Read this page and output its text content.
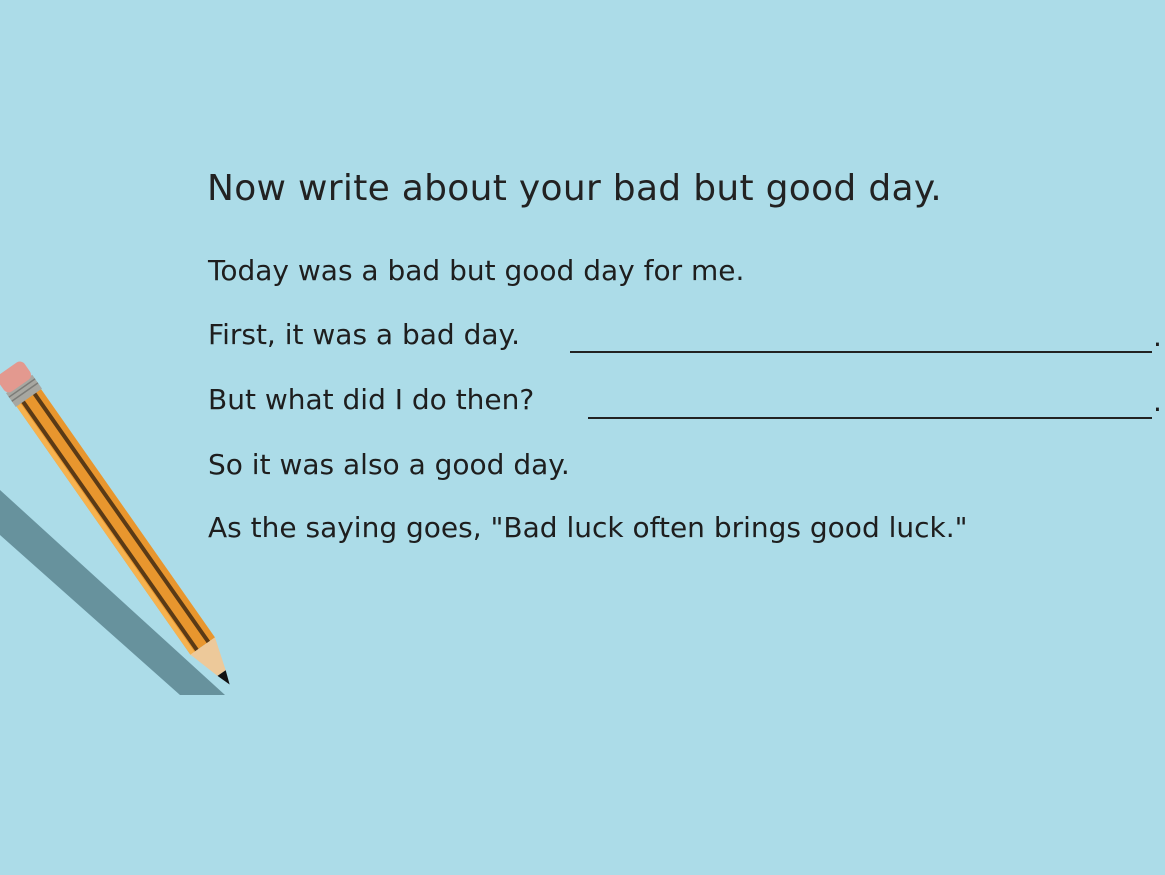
Now write about your bad but good day.
Today was a bad but good day for me.
First, it was a bad day.	.
But what did I do then?	.
So it was also a good day.
As the saying goes, "Bad luck often brings good luck."
